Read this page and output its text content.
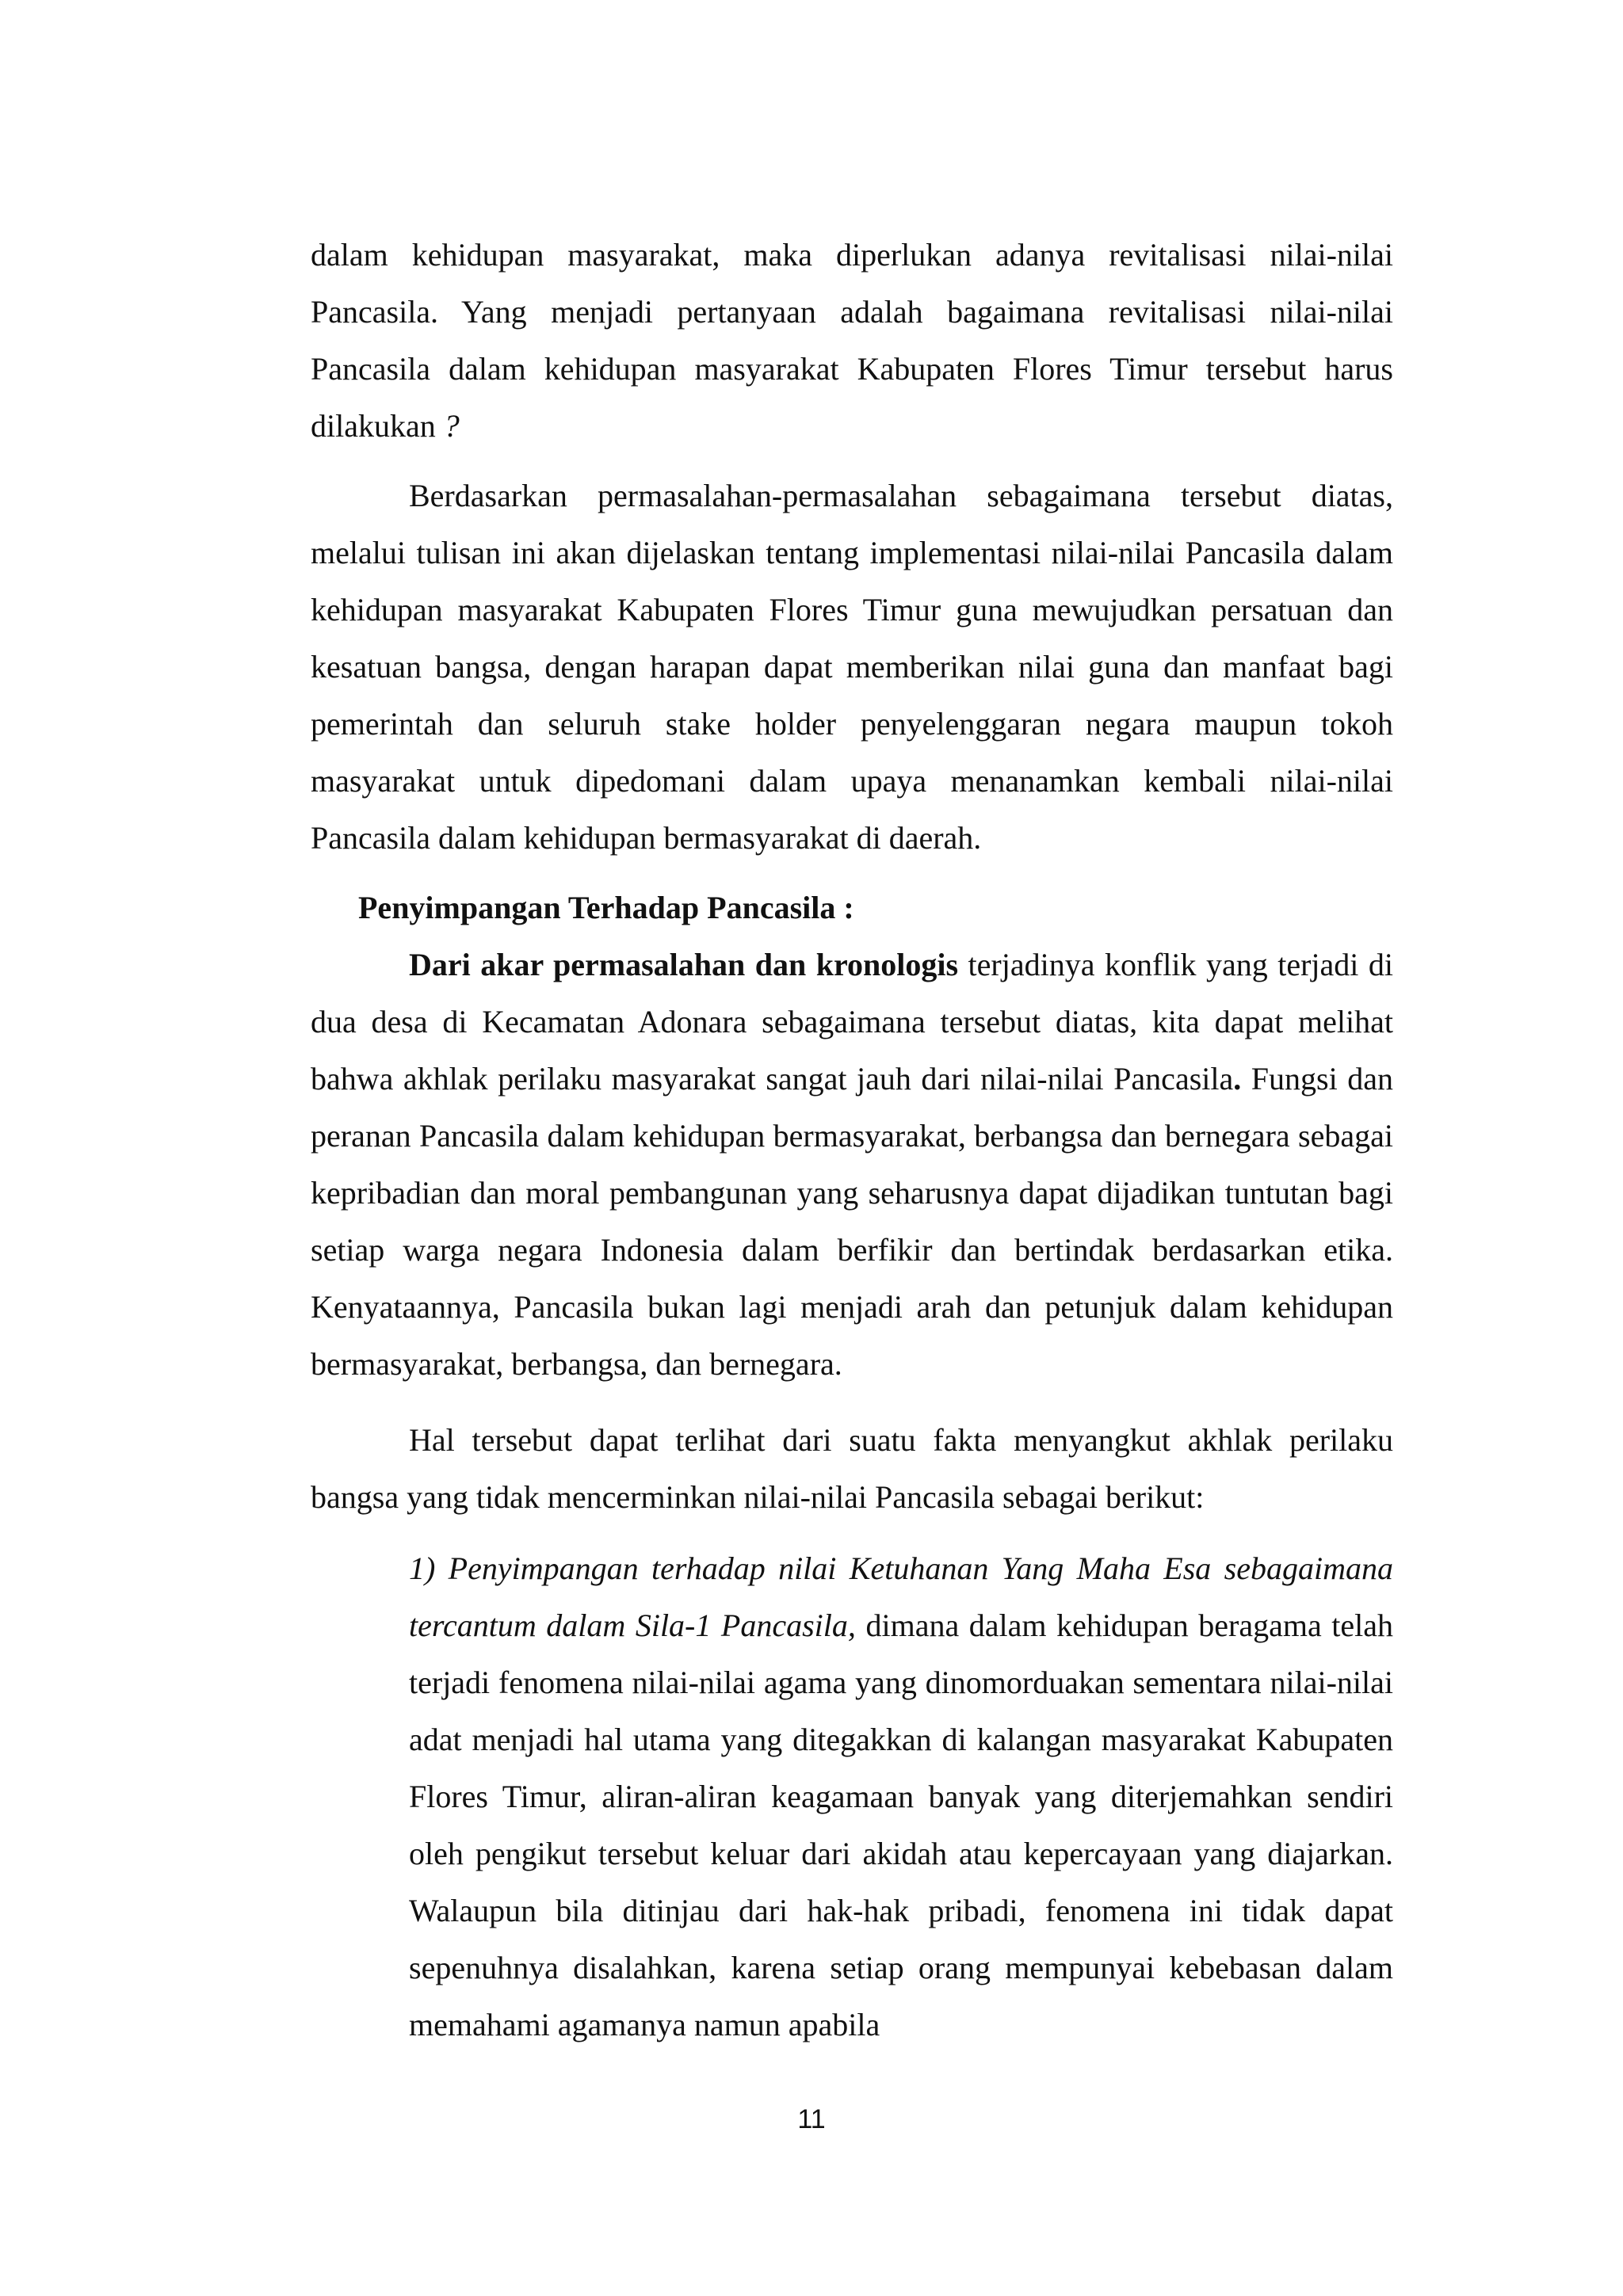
dalam kehidupan masyarakat, maka diperlukan adanya revitalisasi nilai-nilai Pancasila. Yang menjadi pertanyaan adalah bagaimana revitalisasi nilai-nilai Pancasila dalam kehidupan masyarakat Kabupaten Flores Timur tersebut harus dilakukan ?

Berdasarkan permasalahan-permasalahan sebagaimana tersebut diatas, melalui tulisan ini akan dijelaskan tentang implementasi nilai-nilai Pancasila dalam kehidupan masyarakat Kabupaten Flores Timur guna mewujudkan persatuan dan kesatuan bangsa, dengan harapan dapat memberikan nilai guna dan manfaat bagi pemerintah dan seluruh stake holder penyelenggaran negara maupun tokoh masyarakat untuk dipedomani dalam upaya menanamkan kembali nilai-nilai Pancasila dalam kehidupan bermasyarakat di daerah.

Penyimpangan Terhadap Pancasila :

Dari akar permasalahan dan kronologis terjadinya konflik yang terjadi di dua desa di Kecamatan Adonara sebagaimana tersebut diatas, kita dapat melihat bahwa akhlak perilaku masyarakat sangat jauh dari nilai-nilai Pancasila. Fungsi dan peranan Pancasila dalam kehidupan bermasyarakat, berbangsa dan bernegara sebagai kepribadian dan moral pembangunan yang seharusnya dapat dijadikan tuntutan bagi setiap warga negara Indonesia dalam berfikir dan bertindak berdasarkan etika. Kenyataannya, Pancasila bukan lagi menjadi arah dan petunjuk dalam kehidupan bermasyarakat, berbangsa, dan bernegara.

Hal tersebut dapat terlihat dari suatu fakta menyangkut akhlak perilaku bangsa yang tidak mencerminkan nilai-nilai Pancasila sebagai berikut:

1) Penyimpangan terhadap nilai Ketuhanan Yang Maha Esa sebagaimana tercantum dalam Sila-1 Pancasila, dimana dalam kehidupan beragama telah terjadi fenomena nilai-nilai agama yang dinomorduakan sementara nilai-nilai adat menjadi hal utama yang ditegakkan di kalangan masyarakat Kabupaten Flores Timur, aliran-aliran keagamaan banyak yang diterjemahkan sendiri oleh pengikut tersebut keluar dari akidah atau kepercayaan yang diajarkan. Walaupun bila ditinjau dari hak-hak pribadi, fenomena ini tidak dapat sepenuhnya disalahkan, karena setiap orang mempunyai kebebasan dalam memahami agamanya namun apabila

11
